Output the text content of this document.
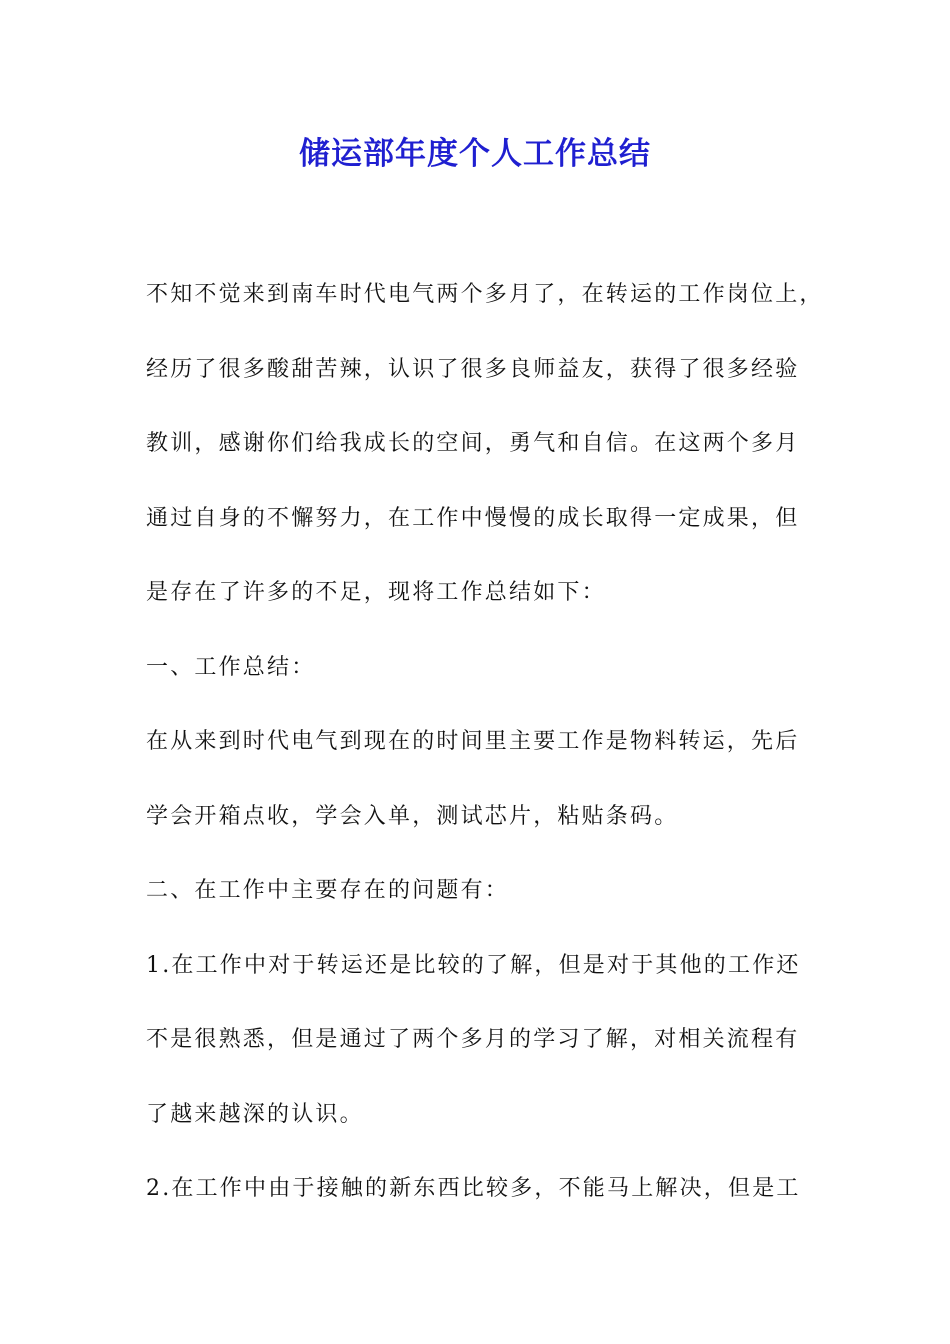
储运部年度个人工作总结

不知不觉来到南车时代电气两个多月了，在转运的工作岗位上，

经历了很多酸甜苦辣，认识了很多良师益友，获得了很多经验

教训，感谢你们给我成长的空间，勇气和自信。在这两个多月

通过自身的不懈努力，在工作中慢慢的成长取得一定成果，但

是存在了许多的不足，现将工作总结如下：

一、工作总结：

在从来到时代电气到现在的时间里主要工作是物料转运，先后

学会开箱点收，学会入单，测试芯片，粘贴条码。

二、在工作中主要存在的问题有：

1.在工作中对于转运还是比较的了解，但是对于其他的工作还

不是很熟悉，但是通过了两个多月的学习了解，对相关流程有

了越来越深的认识。

2.在工作中由于接触的新东西比较多，不能马上解决，但是工
